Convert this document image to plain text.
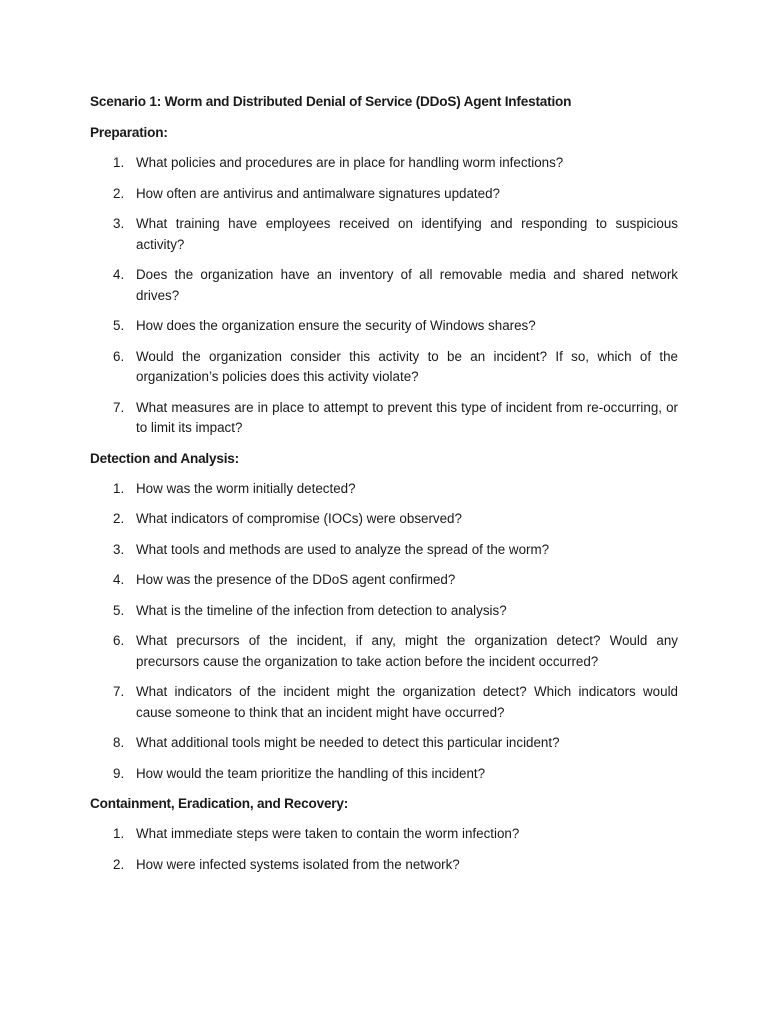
Scenario 1: Worm and Distributed Denial of Service (DDoS) Agent Infestation
Preparation:
1. What policies and procedures are in place for handling worm infections?
2. How often are antivirus and antimalware signatures updated?
3. What training have employees received on identifying and responding to suspicious activity?
4. Does the organization have an inventory of all removable media and shared network drives?
5. How does the organization ensure the security of Windows shares?
6. Would the organization consider this activity to be an incident? If so, which of the organization’s policies does this activity violate?
7. What measures are in place to attempt to prevent this type of incident from re-occurring, or to limit its impact?
Detection and Analysis:
1. How was the worm initially detected?
2. What indicators of compromise (IOCs) were observed?
3. What tools and methods are used to analyze the spread of the worm?
4. How was the presence of the DDoS agent confirmed?
5. What is the timeline of the infection from detection to analysis?
6. What precursors of the incident, if any, might the organization detect? Would any precursors cause the organization to take action before the incident occurred?
7. What indicators of the incident might the organization detect? Which indicators would cause someone to think that an incident might have occurred?
8. What additional tools might be needed to detect this particular incident?
9. How would the team prioritize the handling of this incident?
Containment, Eradication, and Recovery:
1. What immediate steps were taken to contain the worm infection?
2. How were infected systems isolated from the network?
